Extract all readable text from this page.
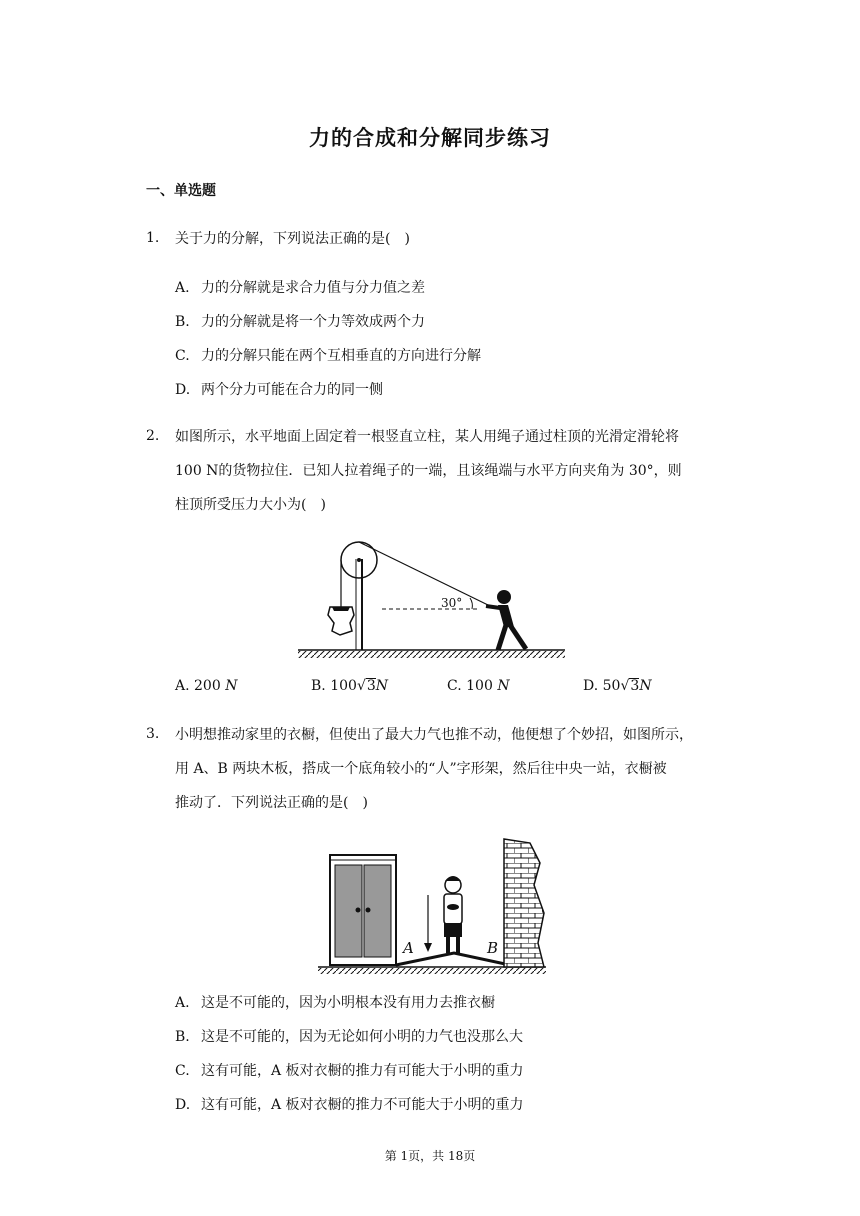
力的合成和分解同步练习
一、单选题
1. 关于力的分解，下列说法正确的是(　)
A. 力的分解就是求合力值与分力值之差
B. 力的分解就是将一个力等效成两个力
C. 力的分解只能在两个互相垂直的方向进行分解
D. 两个分力可能在合力的同一侧
2. 如图所示，水平地面上固定着一根竖直立柱，某人用绳子通过柱顶的光滑定滑轮将
100 N的货物拉住．已知人拉着绳子的一端，且该绳端与水平方向夹角为 30°，则
柱顶所受压力大小为(　)
30°
A. 200 N	B. 100√3N	C. 100 N	D. 50√3N
3. 小明想推动家里的衣橱，但使出了最大力气也推不动，他便想了个妙招，如图所示，
用 A、B 两块木板，搭成一个底角较小的“人”字形架，然后往中央一站，衣橱被
推动了．下列说法正确的是(　)
A	B
A. 这是不可能的，因为小明根本没有用力去推衣橱
B. 这是不可能的，因为无论如何小明的力气也没那么大
C. 这有可能，A 板对衣橱的推力有可能大于小明的重力
D. 这有可能，A 板对衣橱的推力不可能大于小明的重力
第 1页，共 18页
